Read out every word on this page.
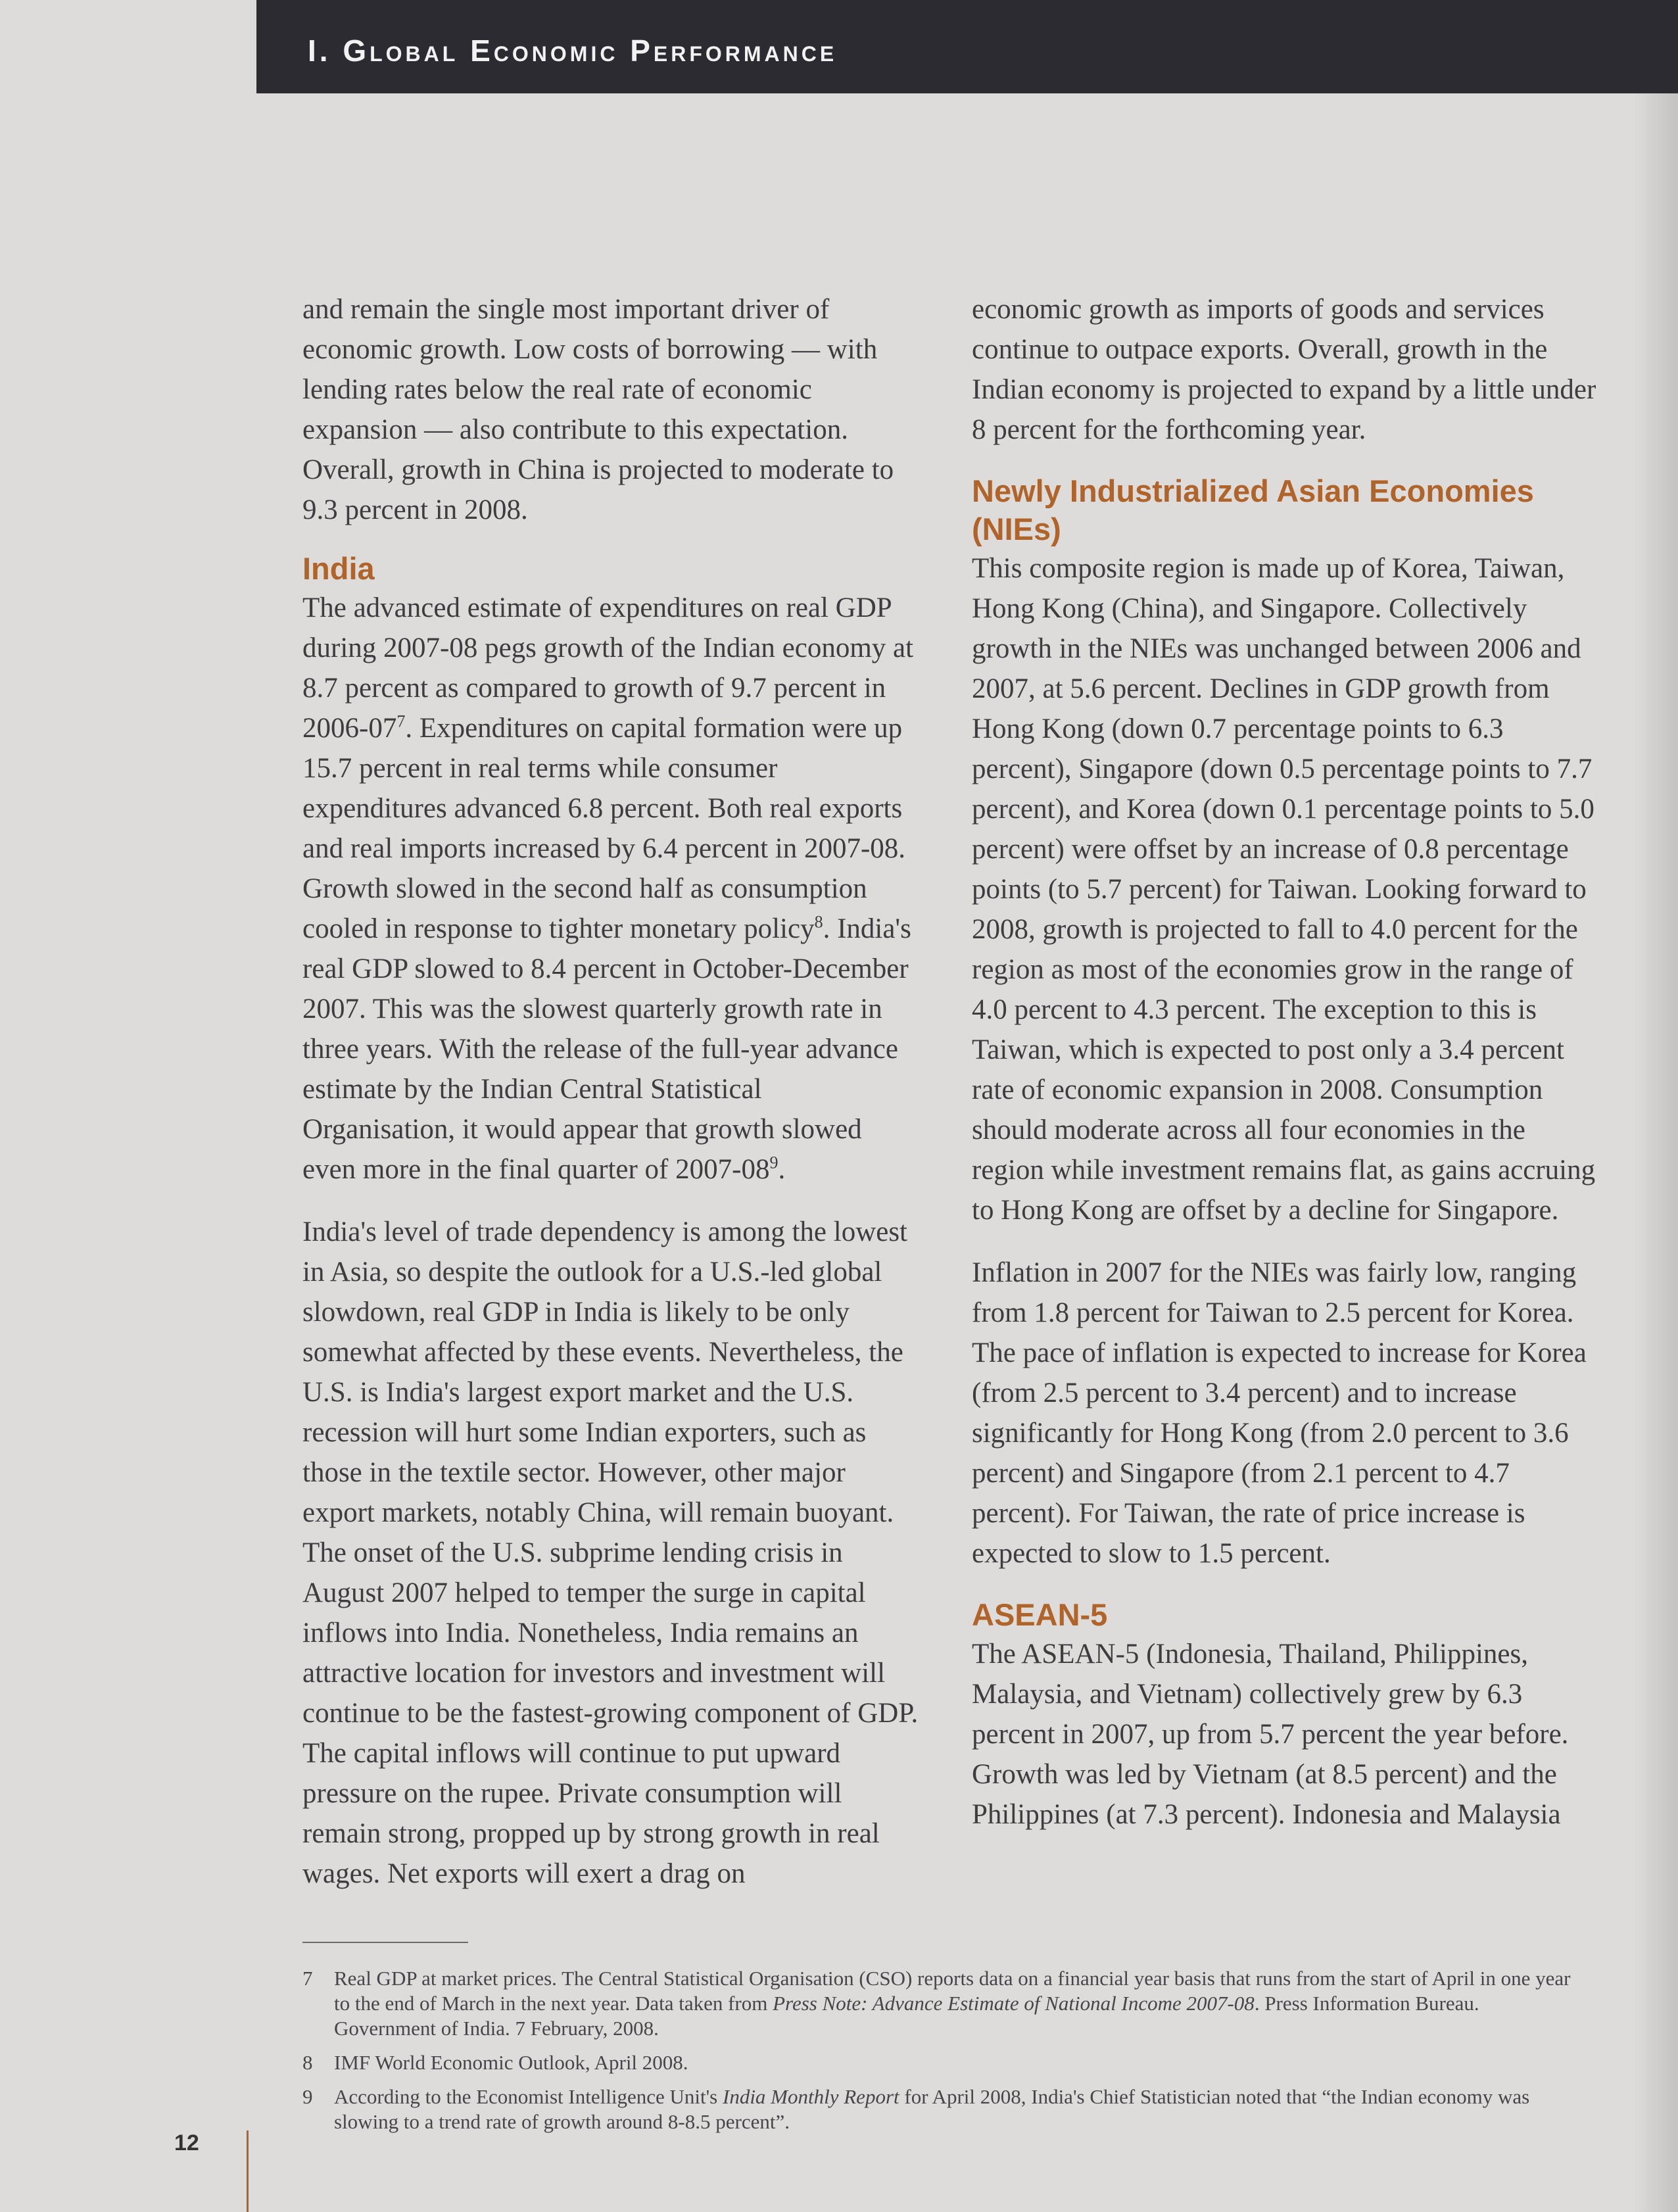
I. Global Economic Performance

and remain the single most important driver of economic growth. Low costs of borrowing — with lending rates below the real rate of economic expansion — also contribute to this expectation. Overall, growth in China is projected to moderate to 9.3 percent in 2008.

India

The advanced estimate of expenditures on real GDP during 2007-08 pegs growth of the Indian economy at 8.7 percent as compared to growth of 9.7 percent in $2006-07^7$. Expenditures on capital formation were up 15.7 percent in real terms while consumer expenditures advanced 6.8 percent. Both real exports and real imports increased by 6.4 percent in 2007-08. Growth slowed in the second half as consumption cooled in response to tighter monetary policy$^8$. India's real GDP slowed to 8.4 percent in October-December 2007. This was the slowest quarterly growth rate in three years. With the release of the full-year advance estimate by the Indian Central Statistical Organisation, it would appear that growth slowed even more in the final quarter of $2007-08^9$.

India's level of trade dependency is among the lowest in Asia, so despite the outlook for a U.S.-led global slowdown, real GDP in India is likely to be only somewhat affected by these events. Nevertheless, the U.S. is India's largest export market and the U.S. recession will hurt some Indian exporters, such as those in the textile sector. However, other major export markets, notably China, will remain buoyant. The onset of the U.S. subprime lending crisis in August 2007 helped to temper the surge in capital inflows into India. Nonetheless, India remains an attractive location for investors and investment will continue to be the fastest-growing component of GDP. The capital inflows will continue to put upward pressure on the rupee. Private consumption will remain strong, propped up by strong growth in real wages. Net exports will exert a drag on

economic growth as imports of goods and services continue to outpace exports. Overall, growth in the Indian economy is projected to expand by a little under 8 percent for the forthcoming year.

Newly Industrialized Asian Economies (NIEs)

This composite region is made up of Korea, Taiwan, Hong Kong (China), and Singapore. Collectively growth in the NIEs was unchanged between 2006 and 2007, at 5.6 percent. Declines in GDP growth from Hong Kong (down 0.7 percentage points to 6.3 percent), Singapore (down 0.5 percentage points to 7.7 percent), and Korea (down 0.1 percentage points to 5.0 percent) were offset by an increase of 0.8 percentage points (to 5.7 percent) for Taiwan. Looking forward to 2008, growth is projected to fall to 4.0 percent for the region as most of the economies grow in the range of 4.0 percent to 4.3 percent. The exception to this is Taiwan, which is expected to post only a 3.4 percent rate of economic expansion in 2008. Consumption should moderate across all four economies in the region while investment remains flat, as gains accruing to Hong Kong are offset by a decline for Singapore.

Inflation in 2007 for the NIEs was fairly low, ranging from 1.8 percent for Taiwan to 2.5 percent for Korea. The pace of inflation is expected to increase for Korea (from 2.5 percent to 3.4 percent) and to increase significantly for Hong Kong (from 2.0 percent to 3.6 percent) and Singapore (from 2.1 percent to 4.7 percent). For Taiwan, the rate of price increase is expected to slow to 1.5 percent.

ASEAN-5

The ASEAN-5 (Indonesia, Thailand, Philippines, Malaysia, and Vietnam) collectively grew by 6.3 percent in 2007, up from 5.7 percent the year before. Growth was led by Vietnam (at 8.5 percent) and the Philippines (at 7.3 percent). Indonesia and Malaysia

7 Real GDP at market prices. The Central Statistical Organisation (CSO) reports data on a financial year basis that runs from the start of April in one year to the end of March in the next year. Data taken from Press Note: Advance Estimate of National Income 2007-08. Press Information Bureau. Government of India. 7 February, 2008.
8 IMF World Economic Outlook, April 2008.
9 According to the Economist Intelligence Unit's India Monthly Report for April 2008, India's Chief Statistician noted that “the Indian economy was slowing to a trend rate of growth around 8-8.5 percent”.
12
